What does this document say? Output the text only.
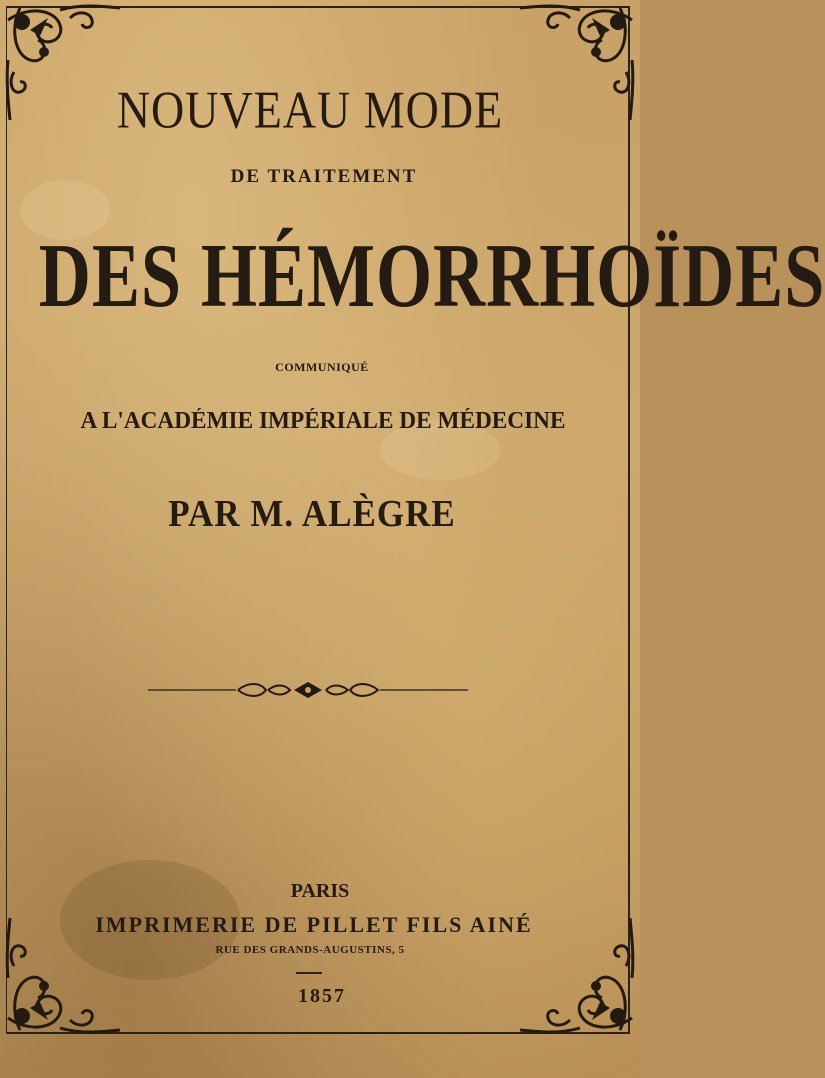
NOUVEAU MODE
DE TRAITEMENT
DES HÉMORRHOÏDES
COMMUNIQUÉ
A L'ACADÉMIE IMPÉRIALE DE MÉDECINE
PAR M. ALÈGRE
PARIS
IMPRIMERIE DE PILLET FILS AINÉ
RUE DES GRANDS-AUGUSTINS, 5
1857
